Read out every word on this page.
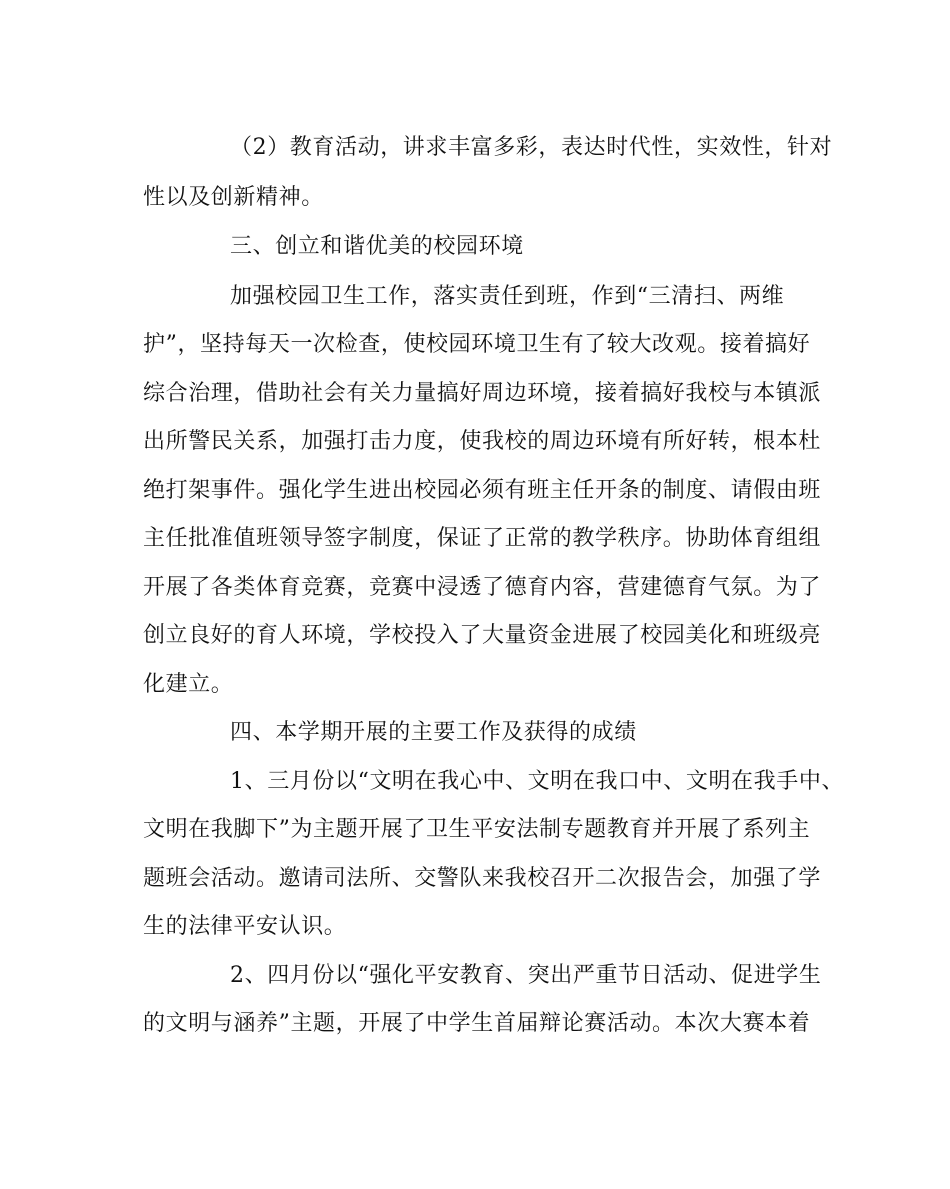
（2）教育活动，讲求丰富多彩，表达时代性，实效性，针对
性以及创新精神。
三、创立和谐优美的校园环境
加强校园卫生工作，落实责任到班，作到“三清扫、两维
护”，坚持每天一次检查，使校园环境卫生有了较大改观。接着搞好
综合治理，借助社会有关力量搞好周边环境，接着搞好我校与本镇派
出所警民关系，加强打击力度，使我校的周边环境有所好转，根本杜
绝打架事件。强化学生进出校园必须有班主任开条的制度、请假由班
主任批准值班领导签字制度，保证了正常的教学秩序。协助体育组组
开展了各类体育竞赛，竞赛中浸透了德育内容，营建德育气氛。为了
创立良好的育人环境，学校投入了大量资金进展了校园美化和班级亮
化建立。
四、本学期开展的主要工作及获得的成绩
1、三月份以“文明在我心中、文明在我口中、文明在我手中、
文明在我脚下”为主题开展了卫生平安法制专题教育并开展了系列主
题班会活动。邀请司法所、交警队来我校召开二次报告会，加强了学
生的法律平安认识。
2、四月份以“强化平安教育、突出严重节日活动、促进学生
的文明与涵养”主题，开展了中学生首届辩论赛活动。本次大赛本着
